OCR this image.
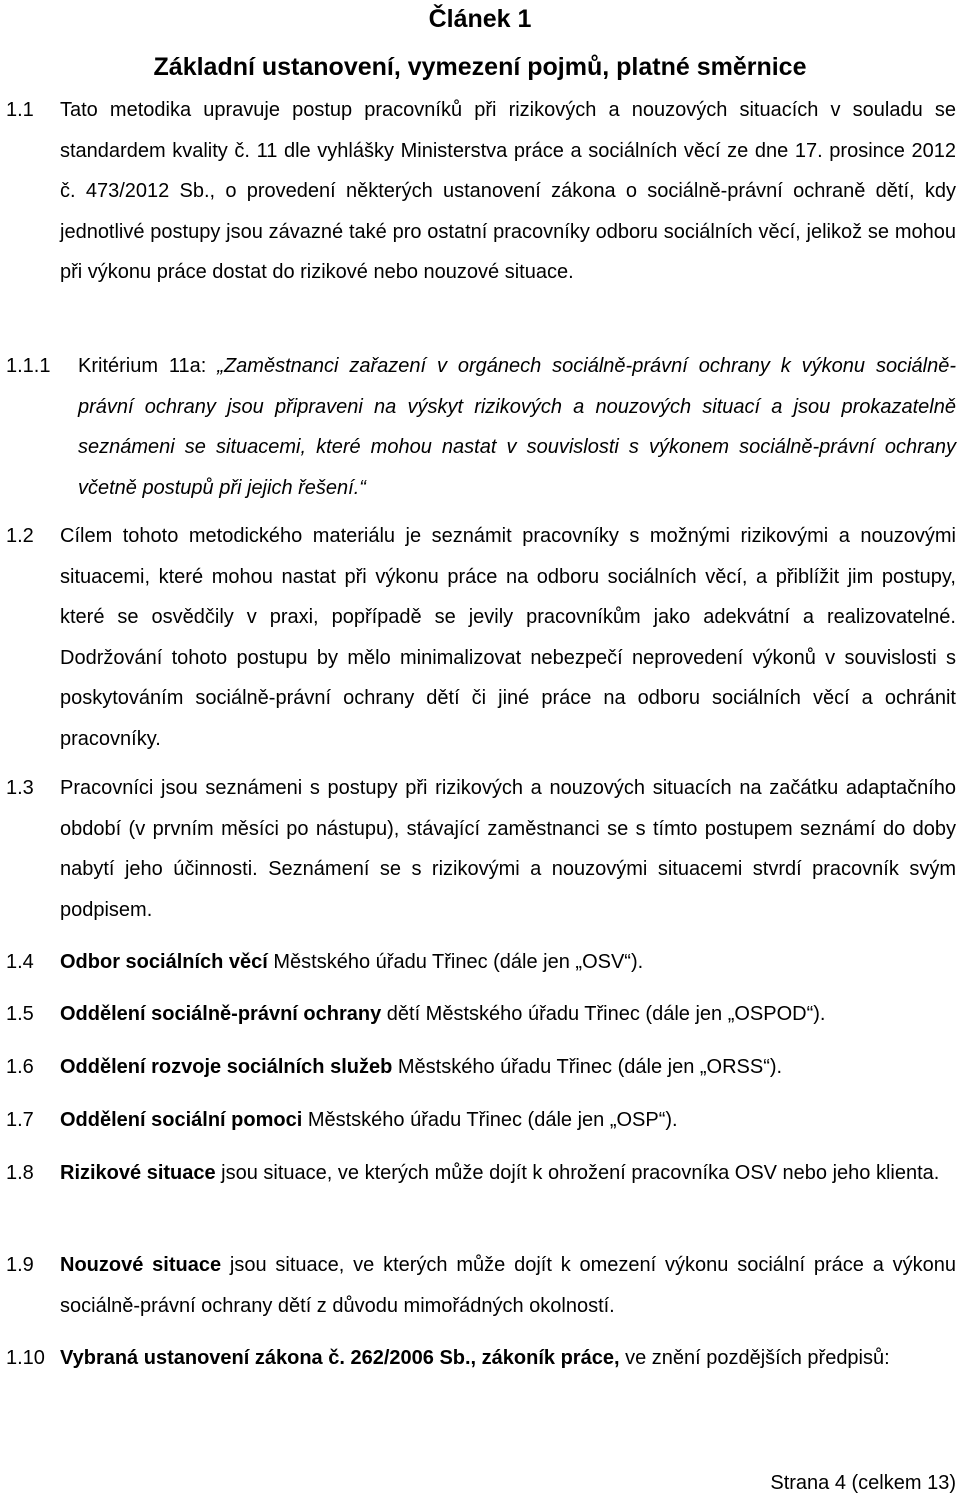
Článek 1
Základní ustanovení, vymezení pojmů, platné směrnice
1.1	Tato metodika upravuje postup pracovníků při rizikových a nouzových situacích v souladu se standardem kvality č. 11 dle vyhlášky Ministerstva práce a sociálních věcí ze dne 17. prosince 2012 č. 473/2012 Sb., o provedení některých ustanovení zákona o sociálně-právní ochraně dětí, kdy jednotlivé postupy jsou závazné také pro ostatní pracovníky odboru sociálních věcí, jelikož se mohou při výkonu práce dostat do rizikové nebo nouzové situace.

1.1.1	Kritérium 11a: „Zaměstnanci zařazení v orgánech sociálně-právní ochrany k výkonu sociálně-právní ochrany jsou připraveni na výskyt rizikových a nouzových situací a jsou prokazatelně seznámeni se situacemi, které mohou nastat v souvislosti s výkonem sociálně-právní ochrany včetně postupů při jejich řešení.“

1.2	Cílem tohoto metodického materiálu je seznámit pracovníky s možnými rizikovými a nouzovými situacemi, které mohou nastat při výkonu práce na odboru sociálních věcí, a přiblížit jim postupy, které se osvědčily v praxi, popřípadě se jevily pracovníkům jako adekvátní a realizovatelné. Dodržování tohoto postupu by mělo minimalizovat nebezpečí neprovedení výkonů v souvislosti s poskytováním sociálně-právní ochrany dětí či jiné práce na odboru sociálních věcí a ochránit pracovníky.

1.3	Pracovníci jsou seznámeni s postupy při rizikových a nouzových situacích na začátku adaptačního období (v prvním měsíci po nástupu), stávající zaměstnanci se s tímto postupem seznámí do doby nabytí jeho účinnosti. Seznámení se s rizikovými a nouzovými situacemi stvrdí pracovník svým podpisem.

1.4	Odbor sociálních věcí Městského úřadu Třinec (dále jen „OSV“).

1.5	Oddělení sociálně-právní ochrany dětí Městského úřadu Třinec (dále jen „OSPOD“).

1.6	Oddělení rozvoje sociálních služeb Městského úřadu Třinec (dále jen „ORSS“).

1.7	Oddělení sociální pomoci Městského úřadu Třinec (dále jen „OSP“).

1.8	Rizikové situace jsou situace, ve kterých může dojít k ohrožení pracovníka OSV nebo jeho klienta.

1.9	Nouzové situace jsou situace, ve kterých může dojít k omezení výkonu sociální práce a výkonu sociálně-právní ochrany dětí z důvodu mimořádných okolností.

1.10 Vybraná ustanovení zákona č. 262/2006 Sb., zákoník práce, ve znění pozdějších předpisů:

Strana 4 (celkem 13)
